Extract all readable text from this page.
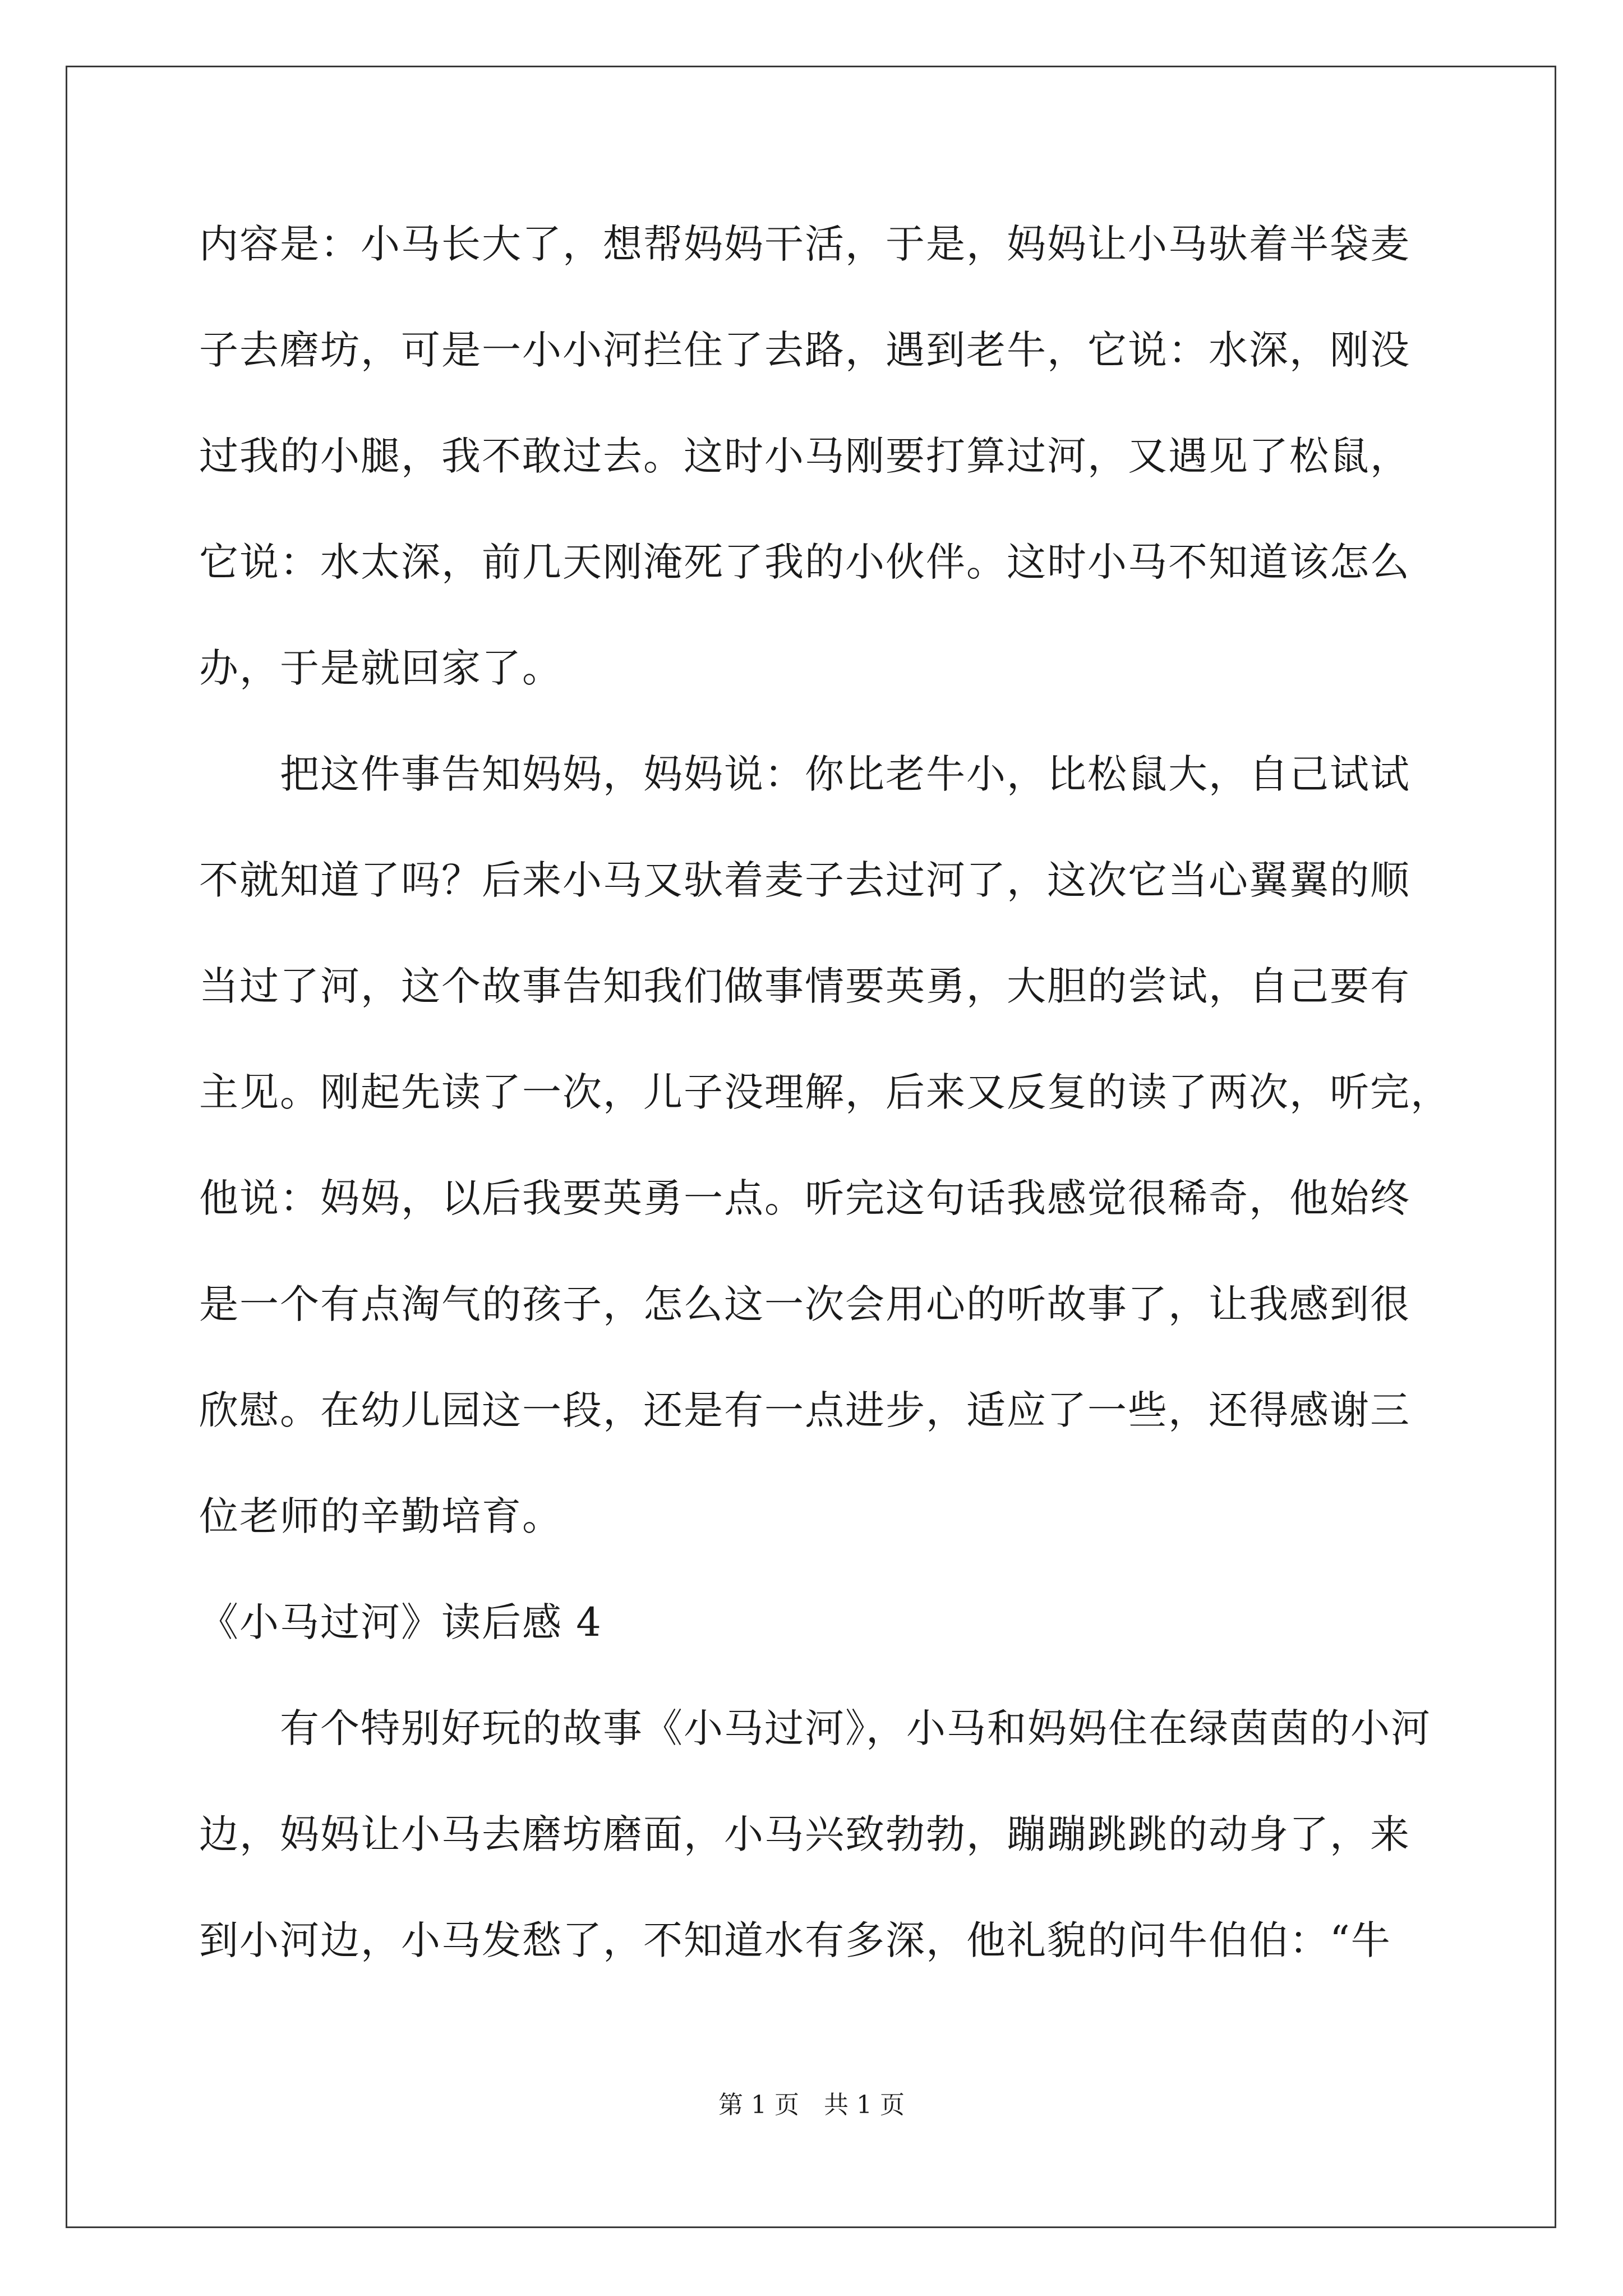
内容是：小马长大了，想帮妈妈干活，于是，妈妈让小马驮着半袋麦
子去磨坊，可是一小小河拦住了去路，遇到老牛，它说：水深，刚没
过我的小腿，我不敢过去。这时小马刚要打算过河，又遇见了松鼠，
它说：水太深，前几天刚淹死了我的小伙伴。这时小马不知道该怎么
办，于是就回家了。
　　把这件事告知妈妈，妈妈说：你比老牛小，比松鼠大，自己试试
不就知道了吗？后来小马又驮着麦子去过河了，这次它当心翼翼的顺
当过了河，这个故事告知我们做事情要英勇，大胆的尝试，自己要有
主见。刚起先读了一次，儿子没理解，后来又反复的读了两次，听完，
他说：妈妈，以后我要英勇一点。听完这句话我感觉很稀奇，他始终
是一个有点淘气的孩子，怎么这一次会用心的听故事了，让我感到很
欣慰。在幼儿园这一段，还是有一点进步，适应了一些，还得感谢三
位老师的辛勤培育。
《小马过河》读后感 4
　　有个特别好玩的故事《小马过河》，小马和妈妈住在绿茵茵的小河
边，妈妈让小马去磨坊磨面，小马兴致勃勃，蹦蹦跳跳的动身了，来
到小河边，小马发愁了，不知道水有多深，他礼貌的问牛伯伯：“牛
第 1 页 共 1 页
